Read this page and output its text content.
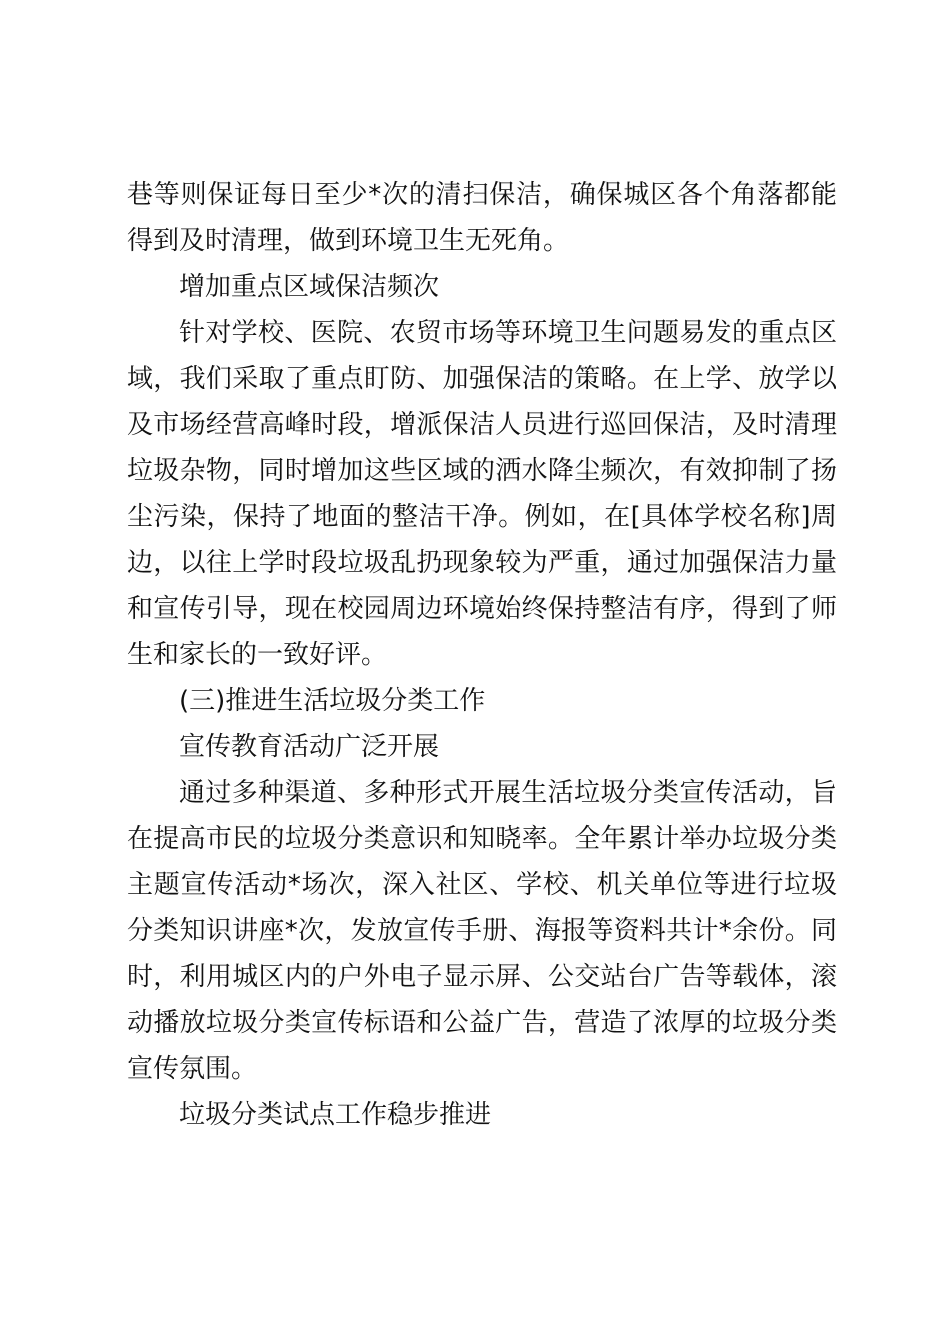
巷等则保证每日至少*次的清扫保洁，确保城区各个角落都能得到及时清理，做到环境卫生无死角。

增加重点区域保洁频次

针对学校、医院、农贸市场等环境卫生问题易发的重点区域，我们采取了重点盯防、加强保洁的策略。在上学、放学以及市场经营高峰时段，增派保洁人员进行巡回保洁，及时清理垃圾杂物，同时增加这些区域的洒水降尘频次，有效抑制了扬尘污染，保持了地面的整洁干净。例如，在[具体学校名称]周边，以往上学时段垃圾乱扔现象较为严重，通过加强保洁力量和宣传引导，现在校园周边环境始终保持整洁有序，得到了师生和家长的一致好评。

(三)推进生活垃圾分类工作

宣传教育活动广泛开展

通过多种渠道、多种形式开展生活垃圾分类宣传活动，旨在提高市民的垃圾分类意识和知晓率。全年累计举办垃圾分类主题宣传活动*场次，深入社区、学校、机关单位等进行垃圾分类知识讲座*次，发放宣传手册、海报等资料共计*余份。同时，利用城区内的户外电子显示屏、公交站台广告等载体，滚动播放垃圾分类宣传标语和公益广告，营造了浓厚的垃圾分类宣传氛围。

垃圾分类试点工作稳步推进
